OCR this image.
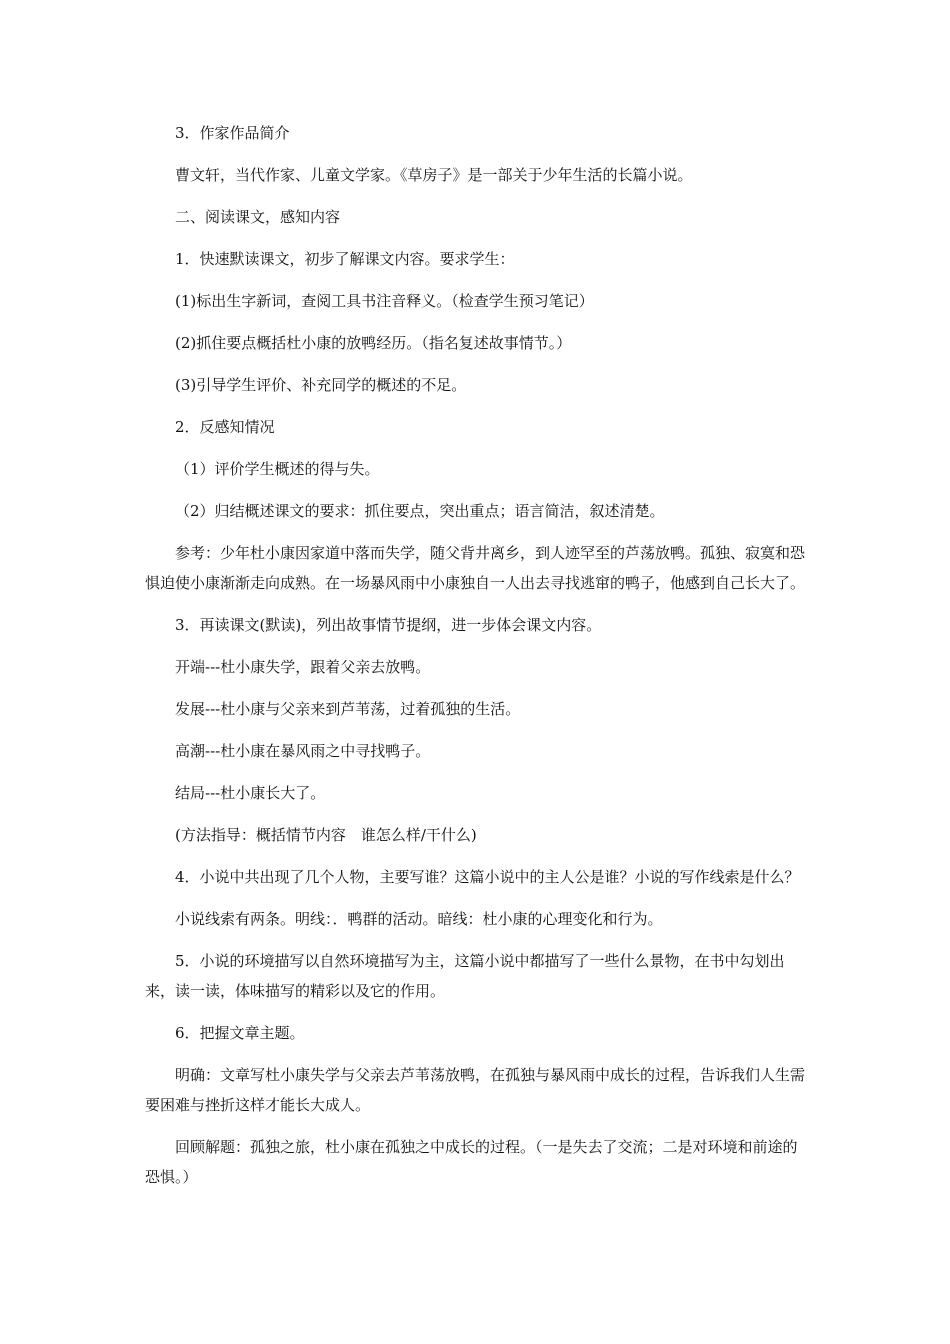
3．作家作品简介

曹文轩，当代作家、儿童文学家。《草房子》是一部关于少年生活的长篇小说。

二、阅读课文，感知内容

1．快速默读课文，初步了解课文内容。要求学生：

(1)标出生字新词，查阅工具书注音释义。（检查学生预习笔记）

(2)抓住要点概括杜小康的放鸭经历。（指名复述故事情节。）

(3)引导学生评价、补充同学的概述的不足。

2．反感知情况

（1）评价学生概述的得与失。

（2）归结概述课文的要求：抓住要点，突出重点；语言简洁，叙述清楚。

参考：少年杜小康因家道中落而失学，随父背井离乡，到人迹罕至的芦荡放鸭。孤独、寂寞和恐惧迫使小康渐渐走向成熟。在一场暴风雨中小康独自一人出去寻找逃窜的鸭子，他感到自己长大了。

3．再读课文(默读)，列出故事情节提纲，进一步体会课文内容。

开端---杜小康失学，跟着父亲去放鸭。

发展---杜小康与父亲来到芦苇荡，过着孤独的生活。

高潮---杜小康在暴风雨之中寻找鸭子。

结局---杜小康长大了。

(方法指导：概括情节内容　谁怎么样/干什么)

4．小说中共出现了几个人物，主要写谁？这篇小说中的主人公是谁？小说的写作线索是什么？

小说线索有两条。明线：．鸭群的活动。暗线：杜小康的心理变化和行为。

5．小说的环境描写以自然环境描写为主，这篇小说中都描写了一些什么景物，在书中勾划出来，读一读，体味描写的精彩以及它的作用。

6．把握文章主题。

明确：文章写杜小康失学与父亲去芦苇荡放鸭，在孤独与暴风雨中成长的过程，告诉我们人生需要困难与挫折这样才能长大成人。

回顾解题：孤独之旅，杜小康在孤独之中成长的过程。（一是失去了交流；二是对环境和前途的恐惧。）
